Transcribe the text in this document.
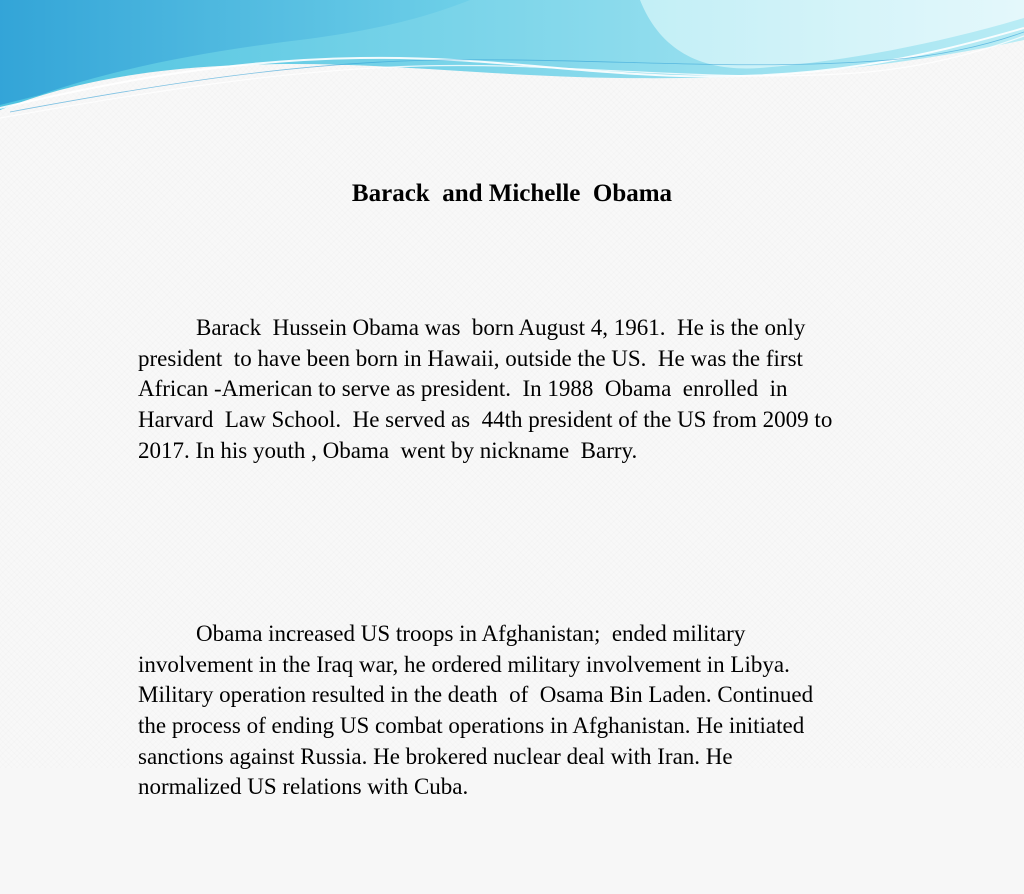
Barack  and Michelle  Obama

Barack  Hussein Obama was  born August 4, 1961.  He is the only
president  to have been born in Hawaii, outside the US.  He was the first
African -American to serve as president.  In 1988  Obama  enrolled  in
Harvard  Law School.  He served as  44th president of the US from 2009 to
2017. In his youth , Obama  went by nickname  Barry.

Obama increased US troops in Afghanistan;  ended military
involvement in the Iraq war, he ordered military involvement in Libya.
Military operation resulted in the death  of  Osama Bin Laden. Continued
the process of ending US combat operations in Afghanistan. He initiated
sanctions against Russia. He brokered nuclear deal with Iran. He
normalized US relations with Cuba.
